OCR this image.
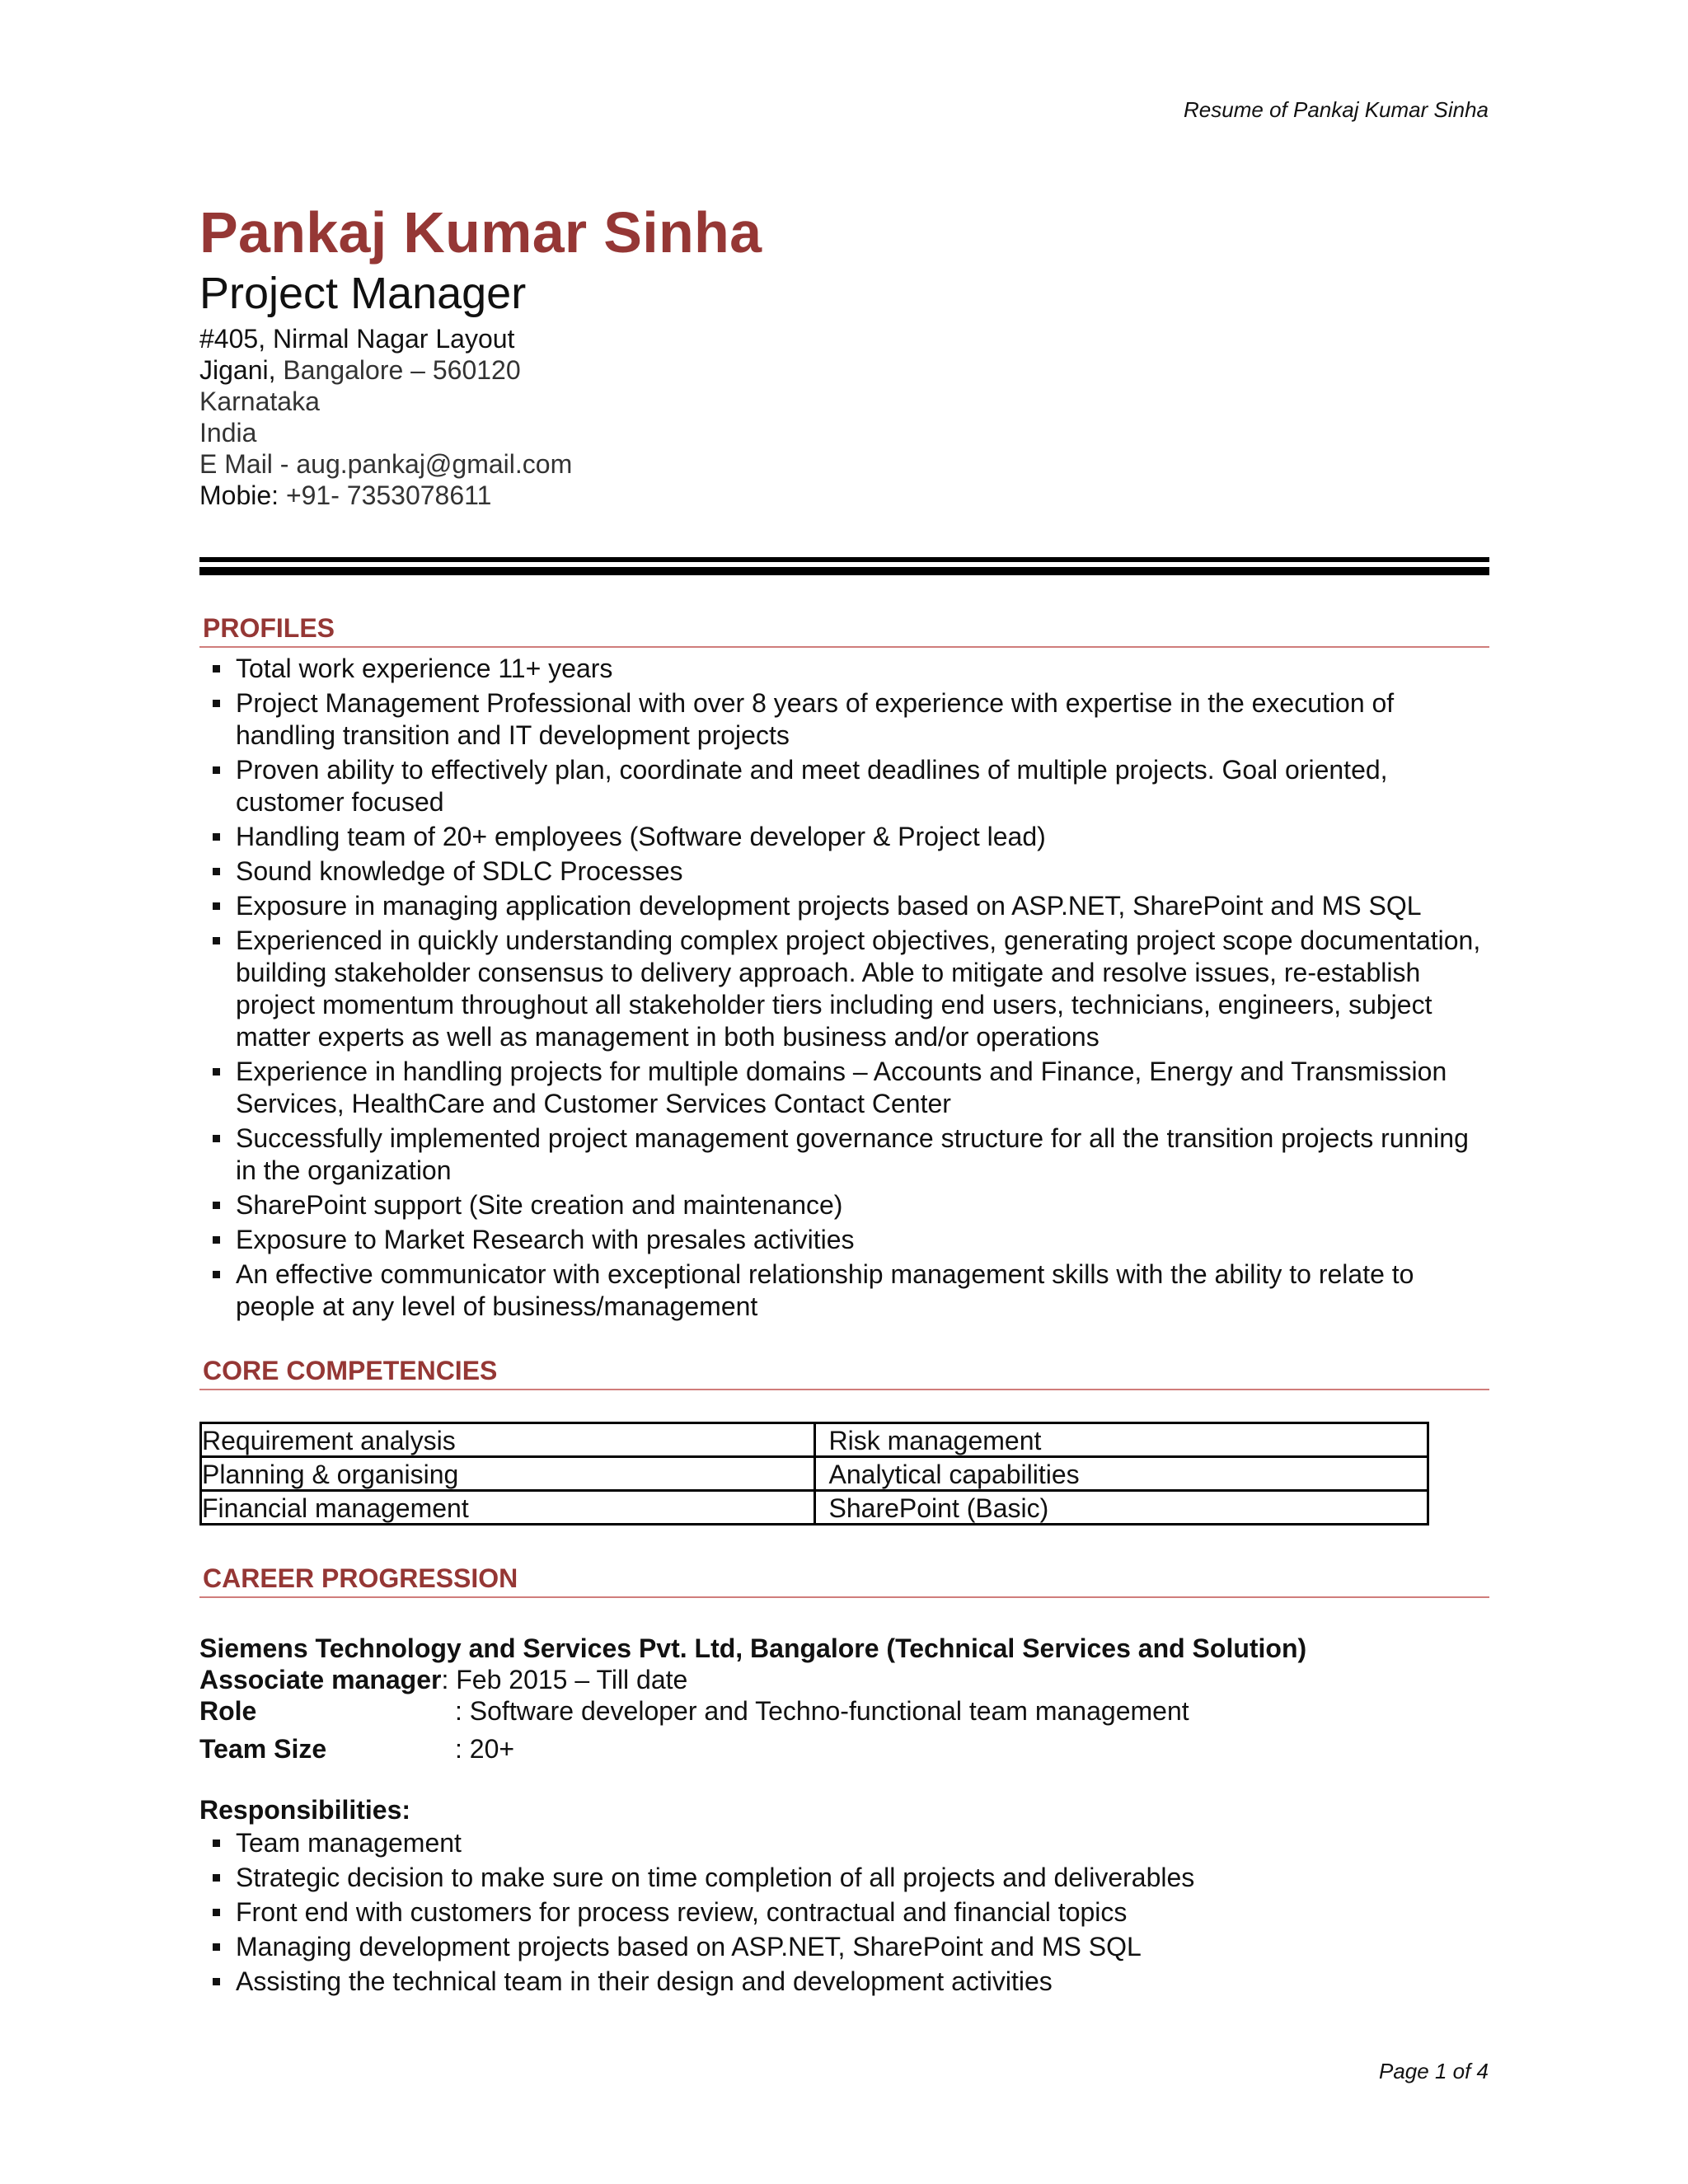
Resume of Pankaj Kumar Sinha
Pankaj Kumar Sinha
Project Manager
#405, Nirmal Nagar Layout
Jigani, Bangalore – 560120
Karnataka
India
E Mail - aug.pankaj@gmail.com
Mobie: +91- 7353078611
PROFILES
Total work experience 11+ years
Project Management Professional with over 8 years of experience with expertise in the execution of handling transition and IT development projects
Proven ability to effectively plan, coordinate and meet deadlines of multiple projects. Goal oriented, customer focused
Handling team of 20+ employees (Software developer & Project lead)
Sound knowledge of SDLC Processes
Exposure in managing application development projects based on ASP.NET, SharePoint and MS SQL
Experienced in quickly understanding complex project objectives, generating project scope documentation, building stakeholder consensus to delivery approach. Able to mitigate and resolve issues, re-establish project momentum throughout all stakeholder tiers including end users, technicians, engineers, subject matter experts as well as management in both business and/or operations
Experience in handling projects for multiple domains – Accounts and Finance, Energy and Transmission Services, HealthCare and Customer Services Contact Center
Successfully implemented project management governance structure for all the transition projects running in the organization
SharePoint support (Site creation and maintenance)
Exposure to Market Research with presales activities
An effective communicator with exceptional relationship management skills with the ability to relate to people at any level of business/management
CORE COMPETENCIES
Requirement analysis	Risk management
Planning & organising	Analytical capabilities
Financial management	SharePoint (Basic)
CAREER PROGRESSION
Siemens Technology and Services Pvt. Ltd, Bangalore (Technical Services and Solution)
Associate manager : Feb 2015 – Till date
Role	: Software developer and Techno-functional team management
Team Size	: 20+
Responsibilities:
Team management
Strategic decision to make sure on time completion of all projects and deliverables
Front end with customers for process review, contractual and financial topics
Managing development projects based on ASP.NET, SharePoint and MS SQL
Assisting the technical team in their design and development activities
Page 1 of 4
